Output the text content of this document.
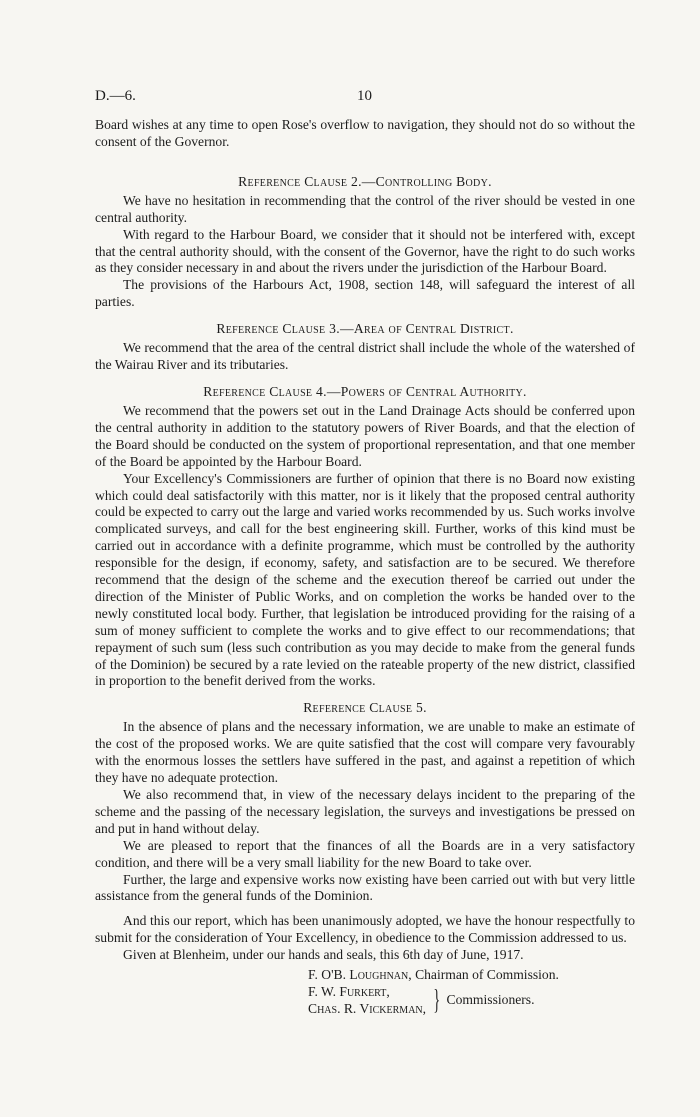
D.—6.	10

Board wishes at any time to open Rose's overflow to navigation, they should not do so without the consent of the Governor.

Reference Clause 2.—Controlling Body.

We have no hesitation in recommending that the control of the river should be vested in one central authority.

With regard to the Harbour Board, we consider that it should not be interfered with, except that the central authority should, with the consent of the Governor, have the right to do such works as they consider necessary in and about the rivers under the jurisdiction of the Harbour Board.

The provisions of the Harbours Act, 1908, section 148, will safeguard the interest of all parties.

Reference Clause 3.—Area of Central District.

We recommend that the area of the central district shall include the whole of the watershed of the Wairau River and its tributaries.

Reference Clause 4.—Powers of Central Authority.

We recommend that the powers set out in the Land Drainage Acts should be conferred upon the central authority in addition to the statutory powers of River Boards, and that the election of the Board should be conducted on the system of proportional representation, and that one member of the Board be appointed by the Harbour Board.

Your Excellency's Commissioners are further of opinion that there is no Board now existing which could deal satisfactorily with this matter, nor is it likely that the proposed central authority could be expected to carry out the large and varied works recommended by us. Such works involve complicated surveys, and call for the best engineering skill. Further, works of this kind must be carried out in accordance with a definite programme, which must be controlled by the authority responsible for the design, if economy, safety, and satisfaction are to be secured. We therefore recommend that the design of the scheme and the execution thereof be carried out under the direction of the Minister of Public Works, and on completion the works be handed over to the newly constituted local body. Further, that legislation be introduced providing for the raising of a sum of money sufficient to complete the works and to give effect to our recommendations; that repayment of such sum (less such contribution as you may decide to make from the general funds of the Dominion) be secured by a rate levied on the rateable property of the new district, classified in proportion to the benefit derived from the works.

Reference Clause 5.

In the absence of plans and the necessary information, we are unable to make an estimate of the cost of the proposed works. We are quite satisfied that the cost will compare very favourably with the enormous losses the settlers have suffered in the past, and against a repetition of which they have no adequate protection.

We also recommend that, in view of the necessary delays incident to the preparing of the scheme and the passing of the necessary legislation, the surveys and investigations be pressed on and put in hand without delay.

We are pleased to report that the finances of all the Boards are in a very satisfactory condition, and there will be a very small liability for the new Board to take over.

Further, the large and expensive works now existing have been carried out with but very little assistance from the general funds of the Dominion.

And this our report, which has been unanimously adopted, we have the honour respectfully to submit for the consideration of Your Excellency, in obedience to the Commission addressed to us.

Given at Blenheim, under our hands and seals, this 6th day of June, 1917.

F. O'B. Loughnan, Chairman of Commission.
F. W. Furkert,
Chas. R. Vickerman, } Commissioners.
